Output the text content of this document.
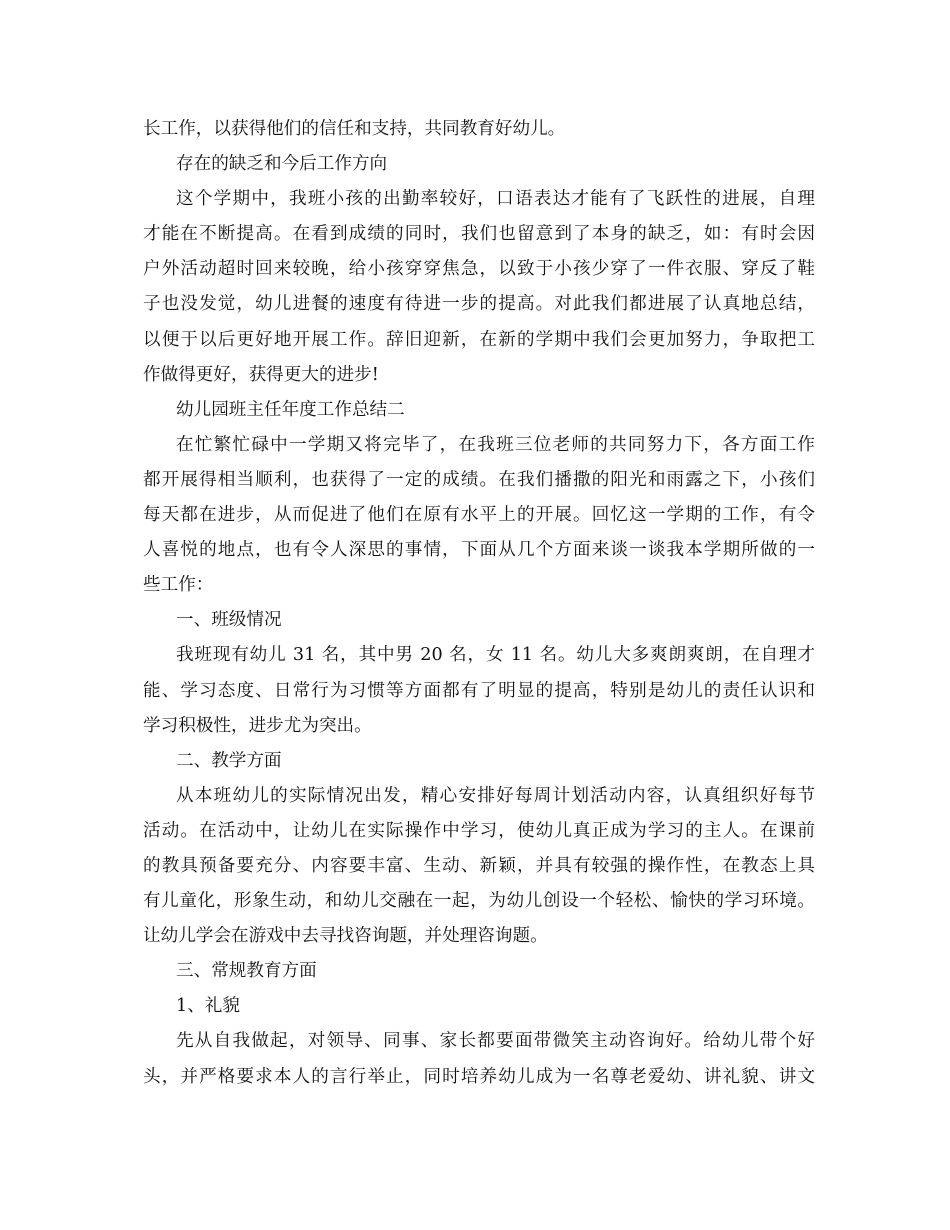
长工作，以获得他们的信任和支持，共同教育好幼儿。
存在的缺乏和今后工作方向
这个学期中，我班小孩的出勤率较好，口语表达才能有了飞跃性的进展，自理
才能在不断提高。在看到成绩的同时，我们也留意到了本身的缺乏，如：有时会因
户外活动超时回来较晚，给小孩穿穿焦急，以致于小孩少穿了一件衣服、穿反了鞋
子也没发觉，幼儿进餐的速度有待进一步的提高。对此我们都进展了认真地总结，
以便于以后更好地开展工作。辞旧迎新，在新的学期中我们会更加努力，争取把工
作做得更好，获得更大的进步!
幼儿园班主任年度工作总结二
在忙繁忙碌中一学期又将完毕了，在我班三位老师的共同努力下，各方面工作
都开展得相当顺利，也获得了一定的成绩。在我们播撒的阳光和雨露之下，小孩们
每天都在进步，从而促进了他们在原有水平上的开展。回忆这一学期的工作，有令
人喜悦的地点，也有令人深思的事情，下面从几个方面来谈一谈我本学期所做的一
些工作：
一、班级情况
我班现有幼儿 31 名，其中男 20 名，女 11 名。幼儿大多爽朗爽朗，在自理才
能、学习态度、日常行为习惯等方面都有了明显的提高，特别是幼儿的责任认识和
学习积极性，进步尤为突出。
二、教学方面
从本班幼儿的实际情况出发，精心安排好每周计划活动内容，认真组织好每节
活动。在活动中，让幼儿在实际操作中学习，使幼儿真正成为学习的主人。在课前
的教具预备要充分、内容要丰富、生动、新颖，并具有较强的操作性，在教态上具
有儿童化，形象生动，和幼儿交融在一起，为幼儿创设一个轻松、愉快的学习环境。
让幼儿学会在游戏中去寻找咨询题，并处理咨询题。
三、常规教育方面
1、礼貌
先从自我做起，对领导、同事、家长都要面带微笑主动咨询好。给幼儿带个好
头，并严格要求本人的言行举止，同时培养幼儿成为一名尊老爱幼、讲礼貌、讲文
